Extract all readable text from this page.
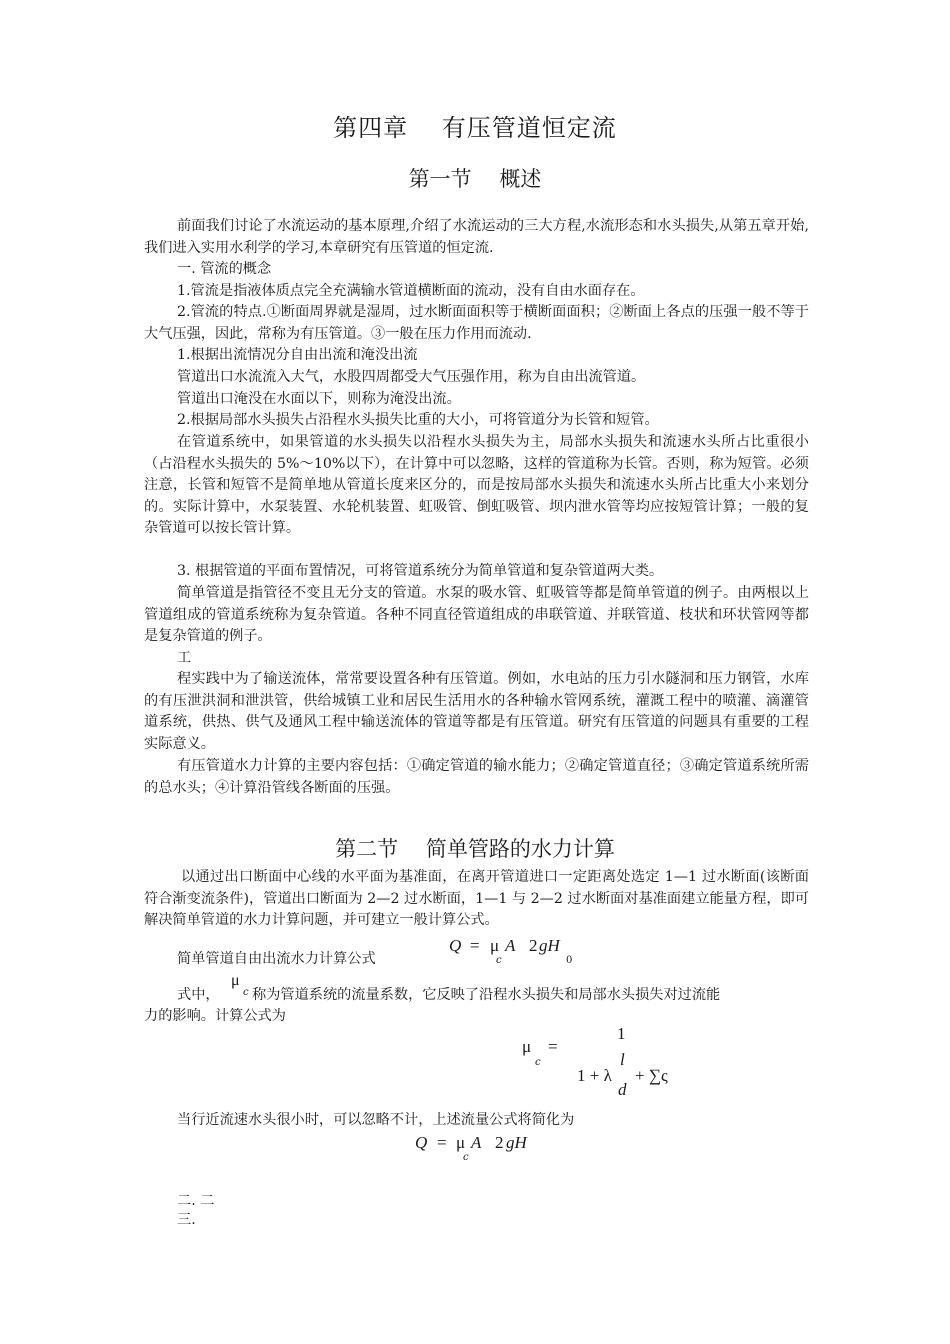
第四章　 有压管道恒定流
第一节　 概述
前面我们讨论了水流运动的基本原理,介绍了水流运动的三大方程,水流形态和水头损失,从第五章开始,我们进入实用水利学的学习,本章研究有压管道的恒定流.
一. 管流的概念
1.管流是指液体质点完全充满输水管道横断面的流动，没有自由水面存在。
2.管流的特点.①断面周界就是湿周，过水断面面积等于横断面面积；②断面上各点的压强一般不等于大气压强，因此，常称为有压管道。③一般在压力作用而流动.
1.根据出流情况分自由出流和淹没出流
管道出口水流流入大气，水股四周都受大气压强作用，称为自由出流管道。
管道出口淹没在水面以下，则称为淹没出流。
2.根据局部水头损失占沿程水头损失比重的大小，可将管道分为长管和短管。
在管道系统中，如果管道的水头损失以沿程水头损失为主，局部水头损失和流速水头所占比重很小（占沿程水头损失的 5%～10%以下），在计算中可以忽略，这样的管道称为长管。否则，称为短管。必须注意，长管和短管不是简单地从管道长度来区分的，而是按局部水头损失和流速水头所占比重大小来划分的。实际计算中，水泵装置、水轮机装置、虹吸管、倒虹吸管、坝内泄水管等均应按短管计算；一般的复杂管道可以按长管计算。
3. 根据管道的平面布置情况，可将管道系统分为简单管道和复杂管道两大类。
简单管道是指管径不变且无分支的管道。水泵的吸水管、虹吸管等都是简单管道的例子。由两根以上管道组成的管道系统称为复杂管道。各种不同直径管道组成的串联管道、并联管道、枝状和环状管网等都是复杂管道的例子。
工
程实践中为了输送流体，常常要设置各种有压管道。例如，水电站的压力引水隧洞和压力钢管，水库的有压泄洪洞和泄洪管，供给城镇工业和居民生活用水的各种输水管网系统，灌溉工程中的喷灌、滴灌管道系统，供热、供气及通风工程中输送流体的管道等都是有压管道。研究有压管道的问题具有重要的工程实际意义。
有压管道水力计算的主要内容包括：①确定管道的输水能力；②确定管道直径；③确定管道系统所需的总水头；④计算沿管线各断面的压强。
第二节　 简单管路的水力计算
以通过出口断面中心线的水平面为基准面，在离开管道进口一定距离处选定 1—1 过水断面(该断面符合渐变流条件)，管道出口断面为 2—2 过水断面，1—1 与 2—2 过水断面对基准面建立能量方程，即可解决简单管道的水力计算问题，并可建立一般计算公式。
简单管道自由出流水力计算公式
Q = μ
c
A 2 gH
0
式中，
μ
c 称为管道系统的流量系数，它反映了沿程水头损失和局部水头损失对过流能
力的影响。计算公式为
μ
c
=
1
1 + λ
l
d
+ ∑ς
当行近流速水头很小时，可以忽略不计，上述流量公式将简化为
Q = μ
c
A 2 gH
二. 二
三.
